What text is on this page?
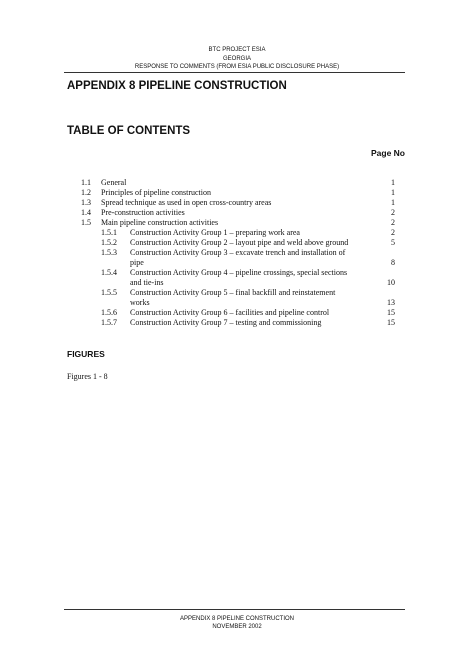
BTC PROJECT ESIA
GEORGIA
RESPONSE TO COMMENTS (FROM ESIA PUBLIC DISCLOSURE PHASE)
APPENDIX 8 PIPELINE CONSTRUCTION
TABLE OF CONTENTS
Page No
1.1 General	1
1.2 Principles of pipeline construction	1
1.3 Spread technique as used in open cross-country areas	1
1.4 Pre-construction activities	2
1.5 Main pipeline construction activities	2
1.5.1 Construction Activity Group 1 – preparing work area	2
1.5.2 Construction Activity Group 2 – layout pipe and weld above ground	5
1.5.3 Construction Activity Group 3 – excavate trench and installation of
pipe	8
1.5.4 Construction Activity Group 4 – pipeline crossings, special sections
and tie-ins	10
1.5.5 Construction Activity Group 5 – final backfill and reinstatement
works	13
1.5.6 Construction Activity Group 6 – facilities and pipeline control	15
1.5.7 Construction Activity Group 7 – testing and commissioning	15
FIGURES
Figures 1 - 8
APPENDIX 8 PIPELINE CONSTRUCTION
NOVEMBER 2002
